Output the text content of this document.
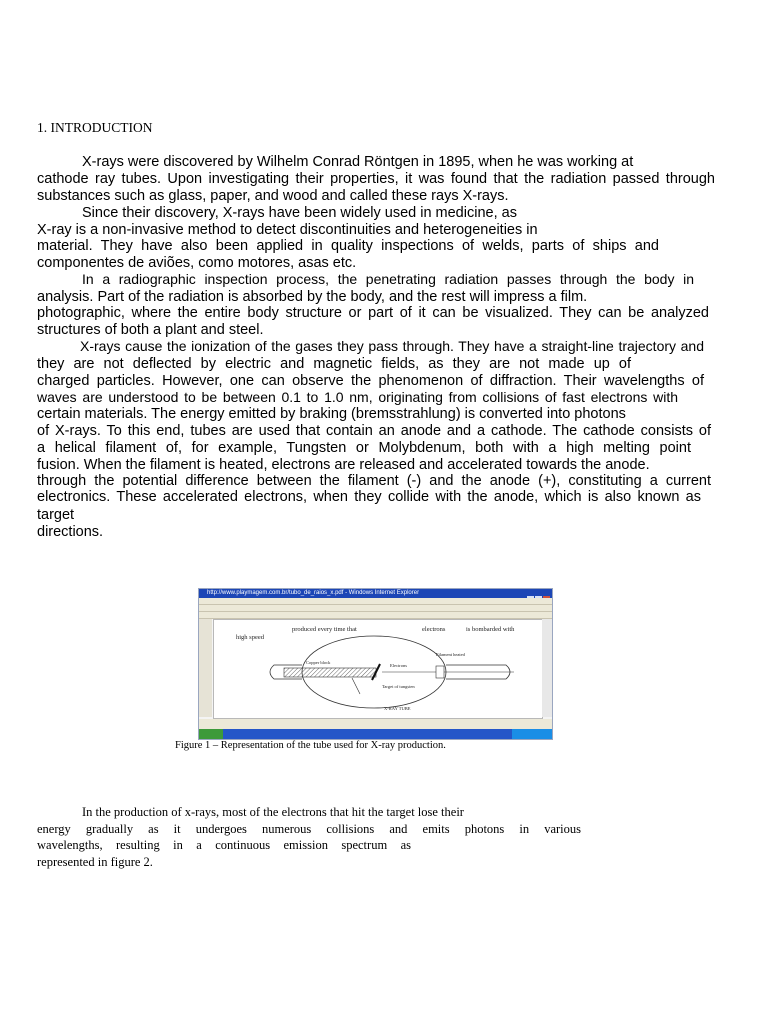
1. INTRODUCTION
X-rays were discovered by Wilhelm Conrad Röntgen in 1895, when he was working at
cathode ray tubes. Upon investigating their properties, it was found that the radiation passed through
substances such as glass, paper, and wood and called these rays X-rays.
Since their discovery, X-rays have been widely used in medicine, as
X-ray is a non-invasive method to detect discontinuities and heterogeneities in
material. They have also been applied in quality inspections of welds, parts of ships and
componentes de aviões, como motores, asas etc.
In a radiographic inspection process, the penetrating radiation passes through the body in
analysis. Part of the radiation is absorbed by the body, and the rest will impress a film.
photographic, where the entire body structure or part of it can be visualized. They can be analyzed
structures of both a plant and steel.
X-rays cause the ionization of the gases they pass through. They have a straight-line trajectory and
they are not deflected by electric and magnetic fields, as they are not made up of
charged particles. However, one can observe the phenomenon of diffraction. Their wavelengths of
waves are understood to be between 0.1 to 1.0 nm, originating from collisions of fast electrons with
certain materials. The energy emitted by braking (bremsstrahlung) is converted into photons
of X-rays. To this end, tubes are used that contain an anode and a cathode. The cathode consists of
a helical filament of, for example, Tungsten or Molybdenum, both with a high melting point
fusion. When the filament is heated, electrons are released and accelerated towards the anode.
through the potential difference between the filament (-) and the anode (+), constituting a current
electronics. These accelerated electrons, when they collide with the anode, which is also known as
target
directions.
http://www.playmagem.com.br/tubo_de_raios_x.pdf - Windows Internet Explorer
produced every time that	electrons	is bombarded with
high speed
Copper block
Filament heated
Electrons
Target of tungsten
X-RAY TUBE
Figure 1 – Representation of the tube used for X-ray production.
In the production of x-rays, most of the electrons that hit the target lose their
energy gradually as it undergoes numerous collisions and emits photons in various
wavelengths, resulting in a continuous emission spectrum as
represented in figure 2.
